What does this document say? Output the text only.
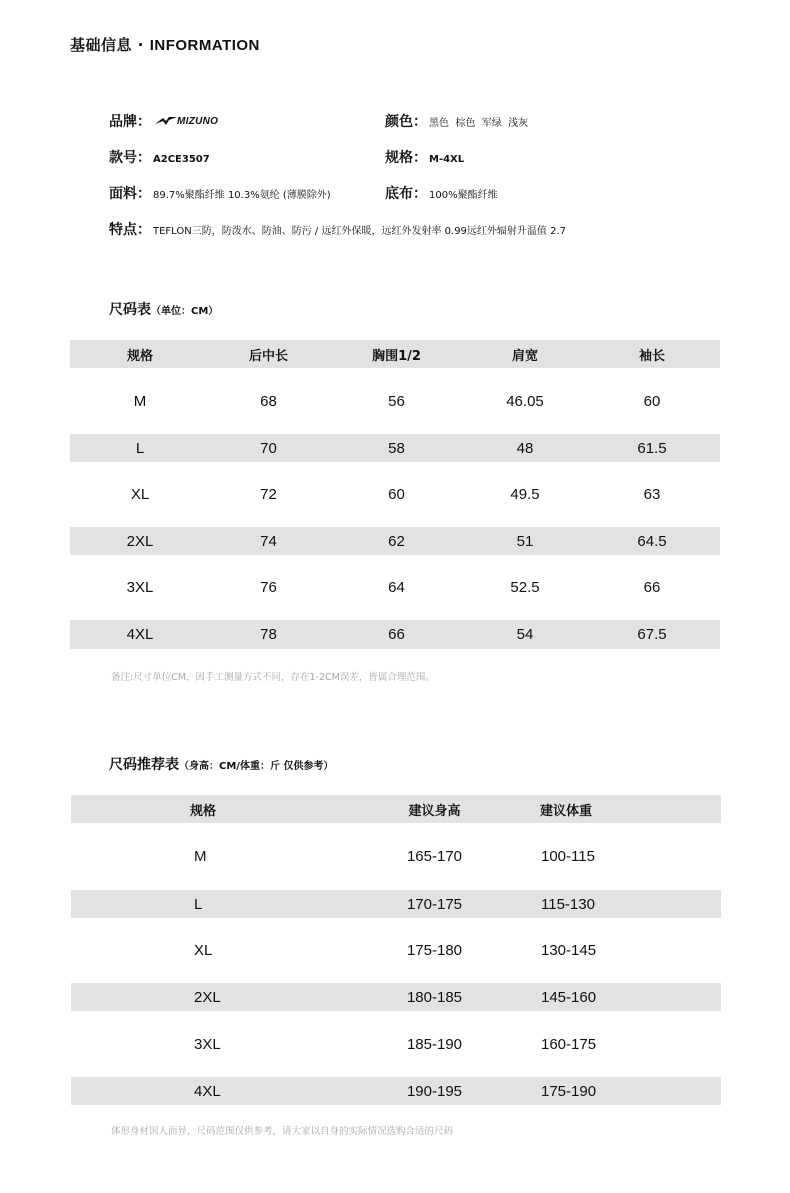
基础信息 · INFORMATION
品牌：	MIZUNO	颜色： 黑色  棕色  军绿  浅灰
款号： A2CE3507	规格： M-4XL
面料： 89.7%聚酯纤维 10.3%氨纶 (薄膜除外)	底布： 100%聚酯纤维
特点： TEFLON三防，防泼水、防油、防污 / 远红外保暖，远红外发射率 0.99远红外辐射升温值 2.7
尺码表（单位：CM）
规格	后中长	胸围1/2	肩宽	袖长
M	68	56	46.05	60
L	70	58	48	61.5
XL	72	60	49.5	63
2XL	74	62	51	64.5
3XL	76	64	52.5	66
4XL	78	66	54	67.5
备注:尺寸单位CM，因手工测量方式不同，存在1-2CM误差，皆属合理范围。
尺码推荐表（身高：CM/体重：斤 仅供参考）
规格	建议身高	建议体重
M	165-170	100-115
L	170-175	115-130
XL	175-180	130-145
2XL	180-185	145-160
3XL	185-190	160-175
4XL	190-195	175-190
体形身材因人而异，尺码范围仅供参考，请大家以自身的实际情况选购合适的尺码
